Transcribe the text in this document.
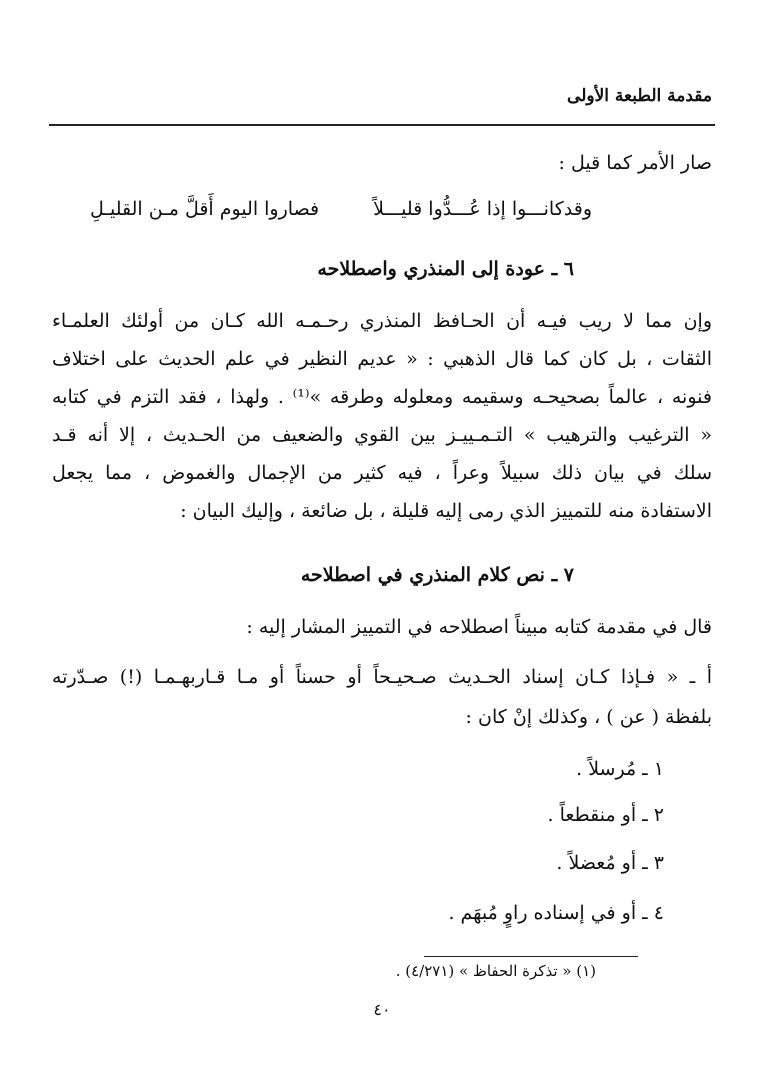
مقدمة الطبعة الأولى
صار الأمر كما قيل :
وقدكانـــوا إذا عُـــدُّوا قليـــلاً
فصاروا اليوم أَقلَّ مـن القليـلِ
٦ ـ عودة إلى المنذري واصطلاحه
وإن مما لا ريب فيـه أن الحـافظ المنذري رحـمـه الله كـان من أولئك العلمـاء
الثقات ، بل كان كما قال الذهبي : « عديم النظير في علم الحديث على اختلاف
فنونه ، عالماً بصحيحـه وسقيمه ومعلوله وطرقه »⁽¹⁾ . ولهذا ، فقد التزم في كتابه
« الترغيب والترهيب » التـمـييـز بين القوي والضعيف من الحـديث ، إلا أنه قـد
سلك في بيان ذلك سبيلاً وعراً ، فيه كثير من الإجمال والغموض ، مما يجعل
الاستفادة منه للتمييز الذي رمى إليه قليلة ، بل ضائعة ، وإليك البيان :
٧ ـ نص كلام المنذري في اصطلاحه
قال في مقدمة كتابه مبيناً اصطلاحه في التمييز المشار إليه :
أ ـ « فـإذا كـان إسناد الحـديث صـحيـحاً أو حسناً أو مـا قـاربهـمـا (!) صـدّرته
بلفظة ( عن ) ، وكذلك إنْ كان :
١ ـ مُرسلاً .
٢ ـ أو منقطعاً .
٣ ـ أو مُعضلاً .
٤ ـ أو في إسناده راوٍ مُبهَم .
(١) « تذكرة الحفاظ » (٤/٢٧١) .
٤٠
